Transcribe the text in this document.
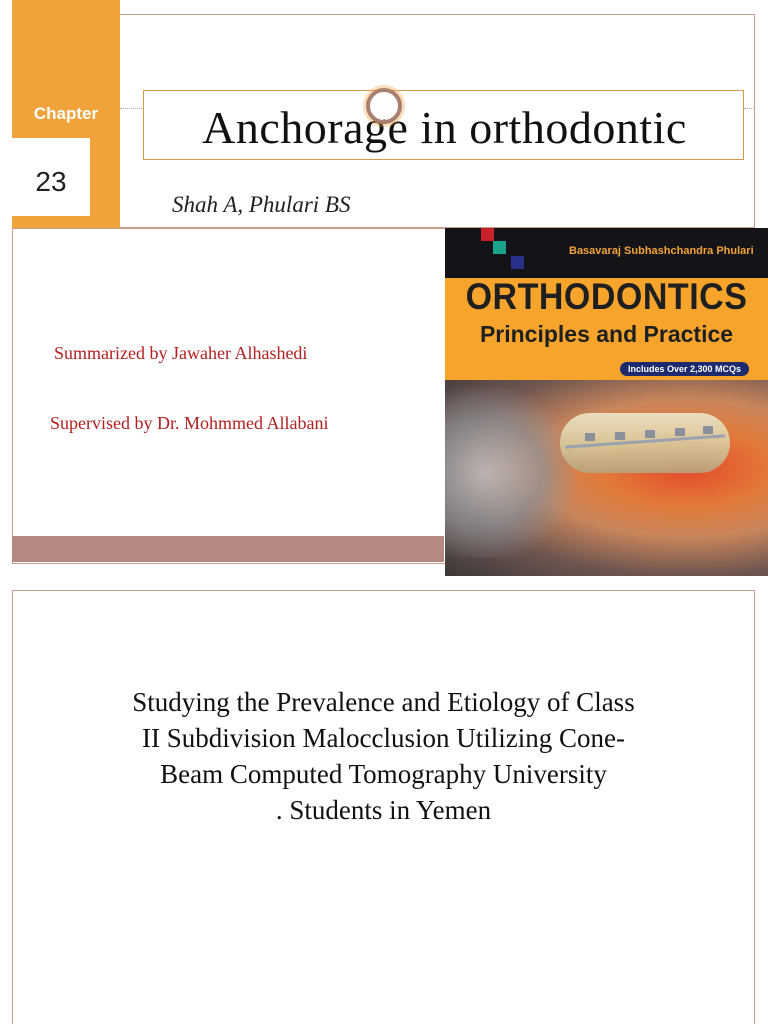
Chapter
23
Anchorage in orthodontic
Shah A, Phulari BS
Summarized by Jawaher Alhashedi
Supervised by Dr. Mohmmed Allabani
Basavaraj Subhashchandra Phulari
ORTHODONTICS
Principles and Practice
Includes Over 2,300 MCQs
Studying the Prevalence and Etiology of Class
II Subdivision Malocclusion Utilizing Cone-
Beam Computed Tomography University
. Students in Yemen
